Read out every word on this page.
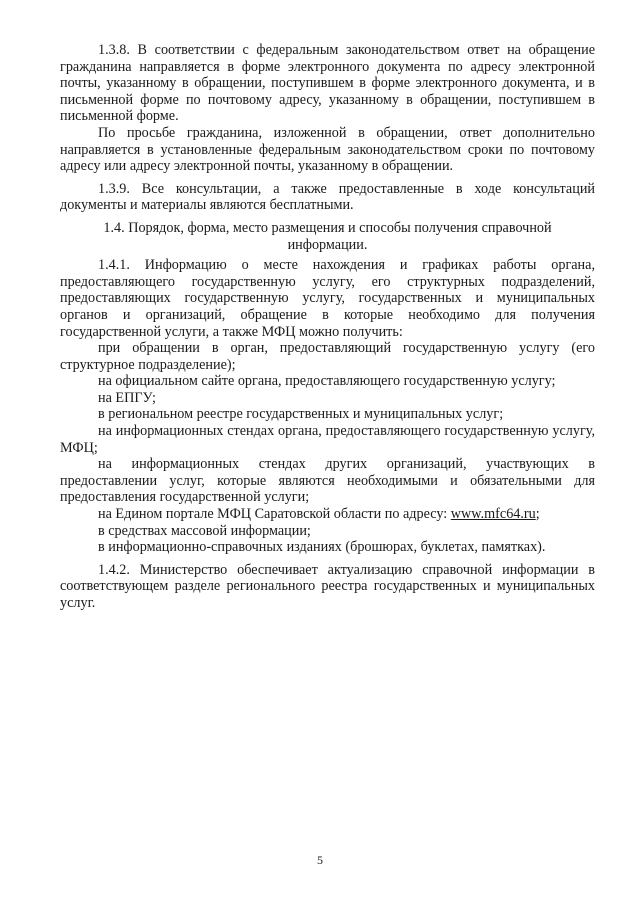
1.3.8. В соответствии с федеральным законодательством ответ на обращение гражданина направляется в форме электронного документа по адресу электронной почты, указанному в обращении, поступившем в форме электронного документа, и в письменной форме по почтовому адресу, указанному в обращении, поступившем в письменной форме.

По просьбе гражданина, изложенной в обращении, ответ дополнительно направляется в установленные федеральным законодательством сроки по почтовому адресу или адресу электронной почты, указанному в обращении.

1.3.9. Все консультации, а также предоставленные в ходе консультаций документы и материалы являются бесплатными.

1.4. Порядок, форма, место размещения и способы получения справочной информации.

1.4.1. Информацию о месте нахождения и графиках работы органа, предоставляющего государственную услугу, его структурных подразделений, предоставляющих государственную услугу, государственных и муниципальных органов и организаций, обращение в которые необходимо для получения государственной услуги, а также МФЦ можно получить:

при обращении в орган, предоставляющий государственную услугу (его структурное подразделение);

на официальном сайте органа, предоставляющего государственную услугу;

на ЕПГУ;

в региональном реестре государственных и муниципальных услуг;

на информационных стендах органа, предоставляющего государственную услугу, МФЦ;

на информационных стендах других организаций, участвующих в предоставлении услуг, которые являются необходимыми и обязательными для предоставления государственной услуги;

на Едином портале МФЦ Саратовской области по адресу: www.mfc64.ru;

в средствах массовой информации;

в информационно-справочных изданиях (брошюрах, буклетах, памятках).

1.4.2. Министерство обеспечивает актуализацию справочной информации в соответствующем разделе регионального реестра государственных и муниципальных услуг.

5
